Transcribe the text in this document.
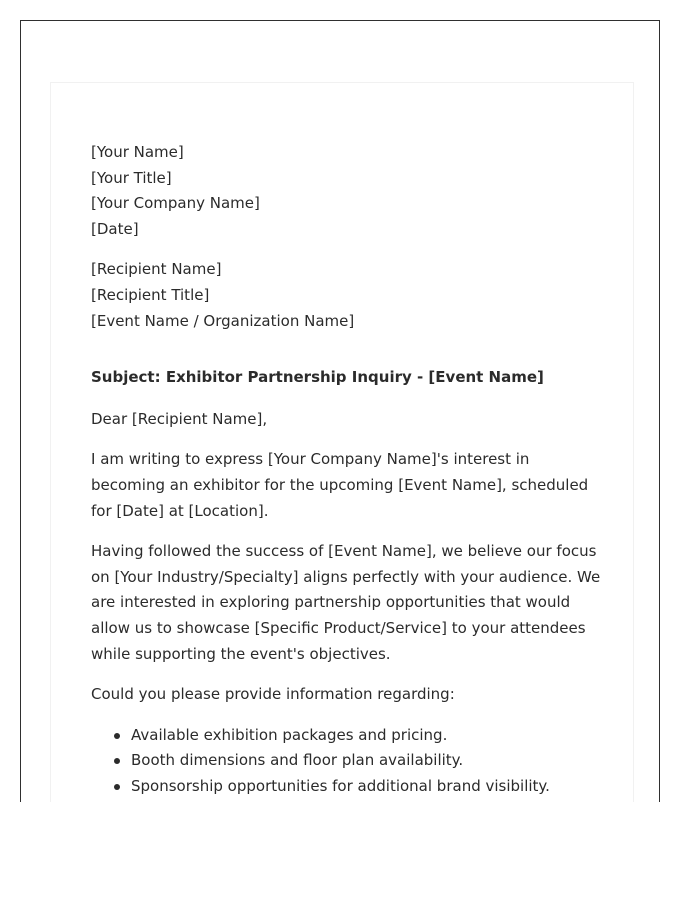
[Your Name]
[Your Title]
[Your Company Name]
[Date]
[Recipient Name]
[Recipient Title]
[Event Name / Organization Name]
Subject: Exhibitor Partnership Inquiry - [Event Name]

Dear [Recipient Name],

I am writing to express [Your Company Name]'s interest in becoming an exhibitor for the upcoming [Event Name], scheduled for [Date] at [Location].

Having followed the success of [Event Name], we believe our focus on [Your Industry/Specialty] aligns perfectly with your audience. We are interested in exploring partnership opportunities that would allow us to showcase [Specific Product/Service] to your attendees while supporting the event's objectives.

Could you please provide information regarding:

Available exhibition packages and pricing.
Booth dimensions and floor plan availability.
Sponsorship opportunities for additional brand visibility.
